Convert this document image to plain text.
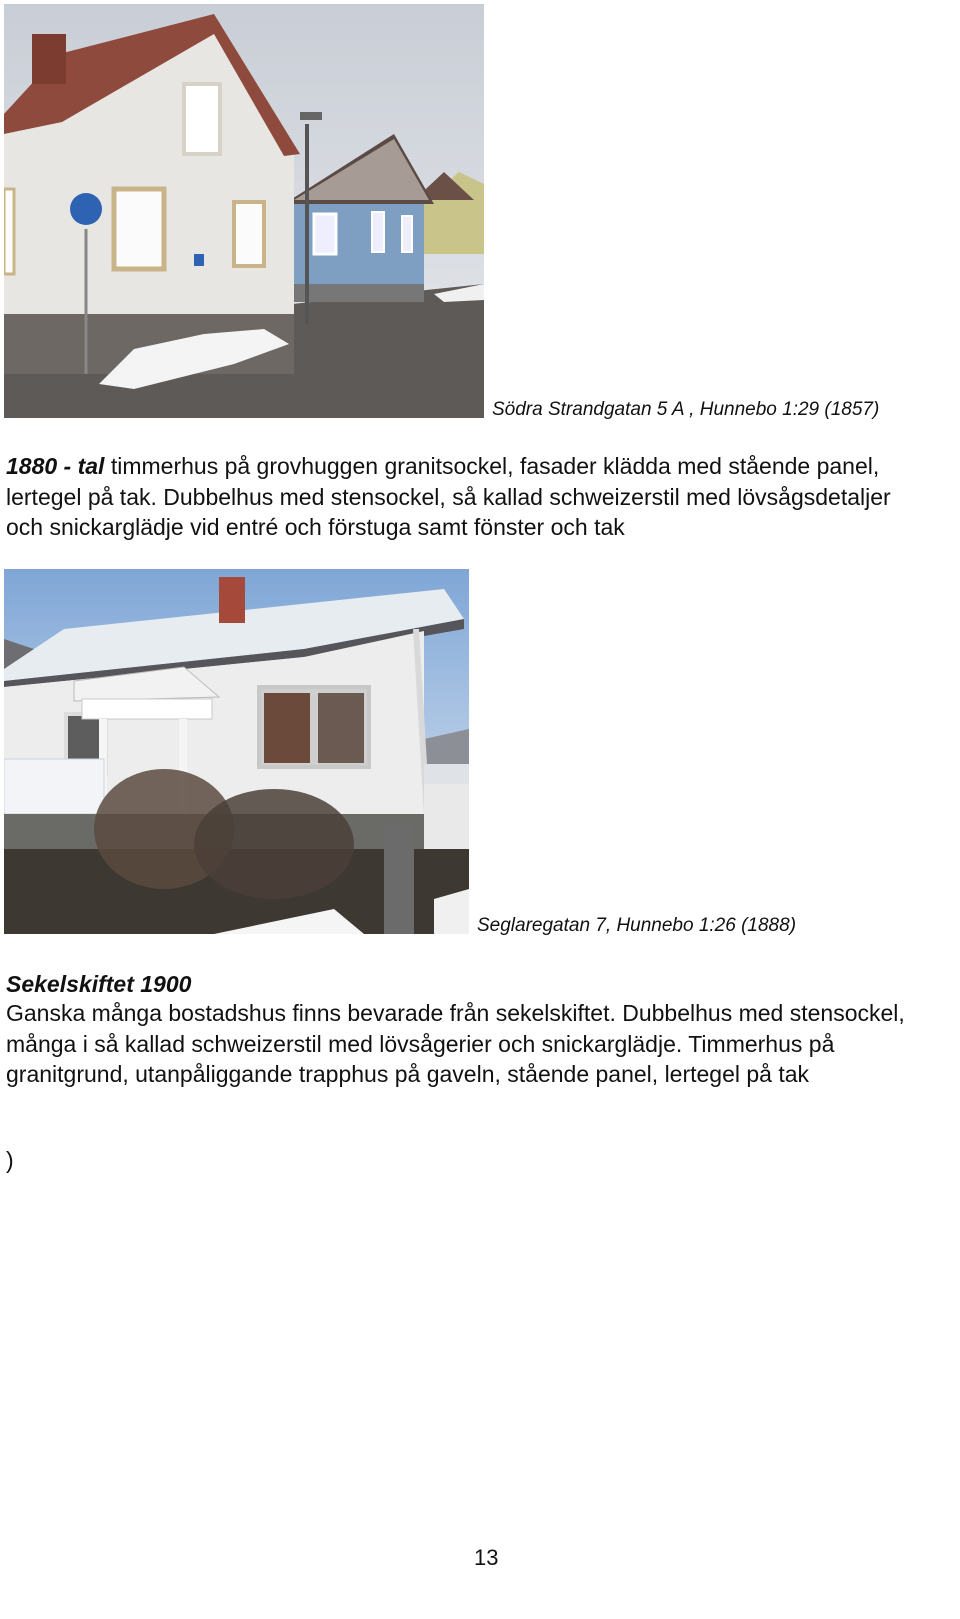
Södra Strandgatan 5 A , Hunnebo 1:29 (1857)
1880 - tal timmerhus på grovhuggen granitsockel, fasader klädda med stående panel, lertegel på tak. Dubbelhus med stensockel, så kallad schweizerstil med lövsågsdetaljer och snickarglädje vid entré och förstuga samt fönster och tak
Seglaregatan 7, Hunnebo 1:26 (1888)
Sekelskiftet 1900
Ganska många bostadshus finns bevarade från sekelskiftet. Dubbelhus med stensockel, många i så kallad schweizerstil med lövsågerier och snickarglädje. Timmerhus på granitgrund, utanpåliggande trapphus på gaveln, stående panel, lertegel på tak
)
13
